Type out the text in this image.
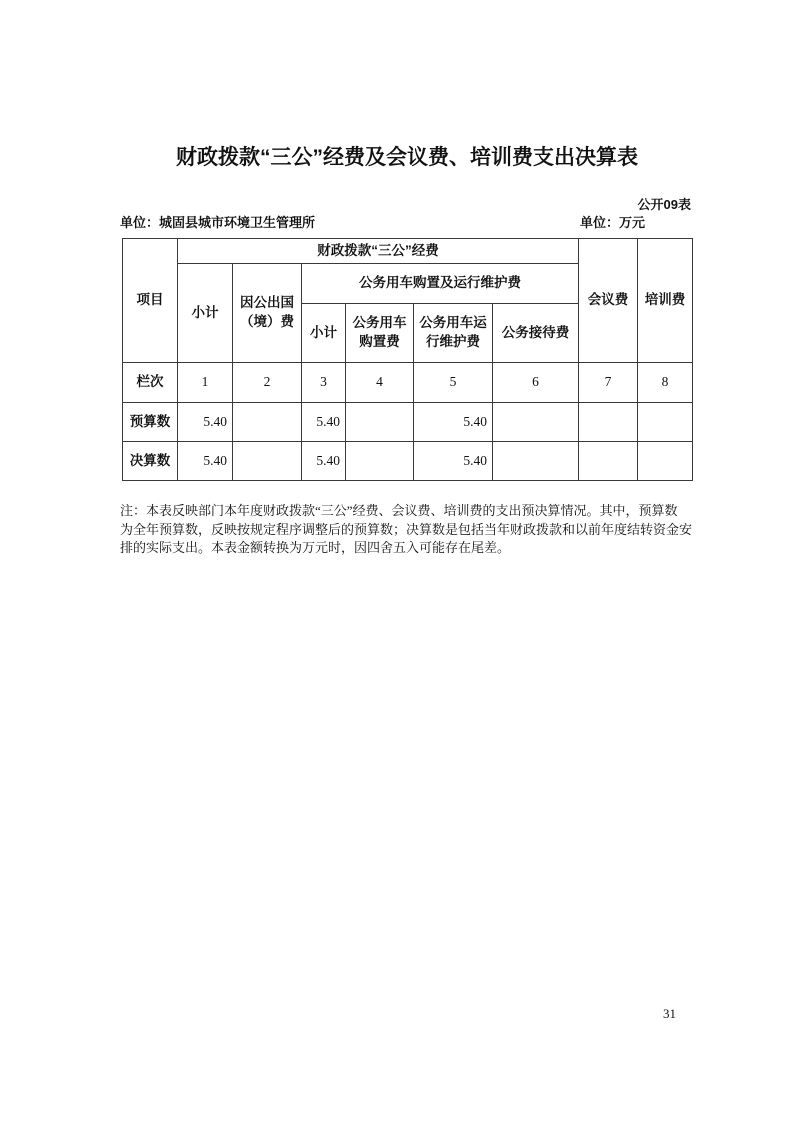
财政拨款“三公”经费及会议费、培训费支出决算表
公开09表
单位：城固县城市环境卫生管理所	单位：万元
项目	财政拨款“三公”经费						会议费	培训费
	小计	因公出国（境）费	公务用车购置及运行维护费					
			小计	公务用车购置费	公务用车运行维护费	公务接待费		
栏次	1	2	3	4	5	6	7	8
预算数	5.40		5.40		5.40			
决算数	5.40		5.40		5.40			
注：本表反映部门本年度财政拨款“三公”经费、会议费、培训费的支出预决算情况。其中，预算数
为全年预算数，反映按规定程序调整后的预算数；决算数是包括当年财政拨款和以前年度结转资金安
排的实际支出。本表金额转换为万元时，因四舍五入可能存在尾差。
31
